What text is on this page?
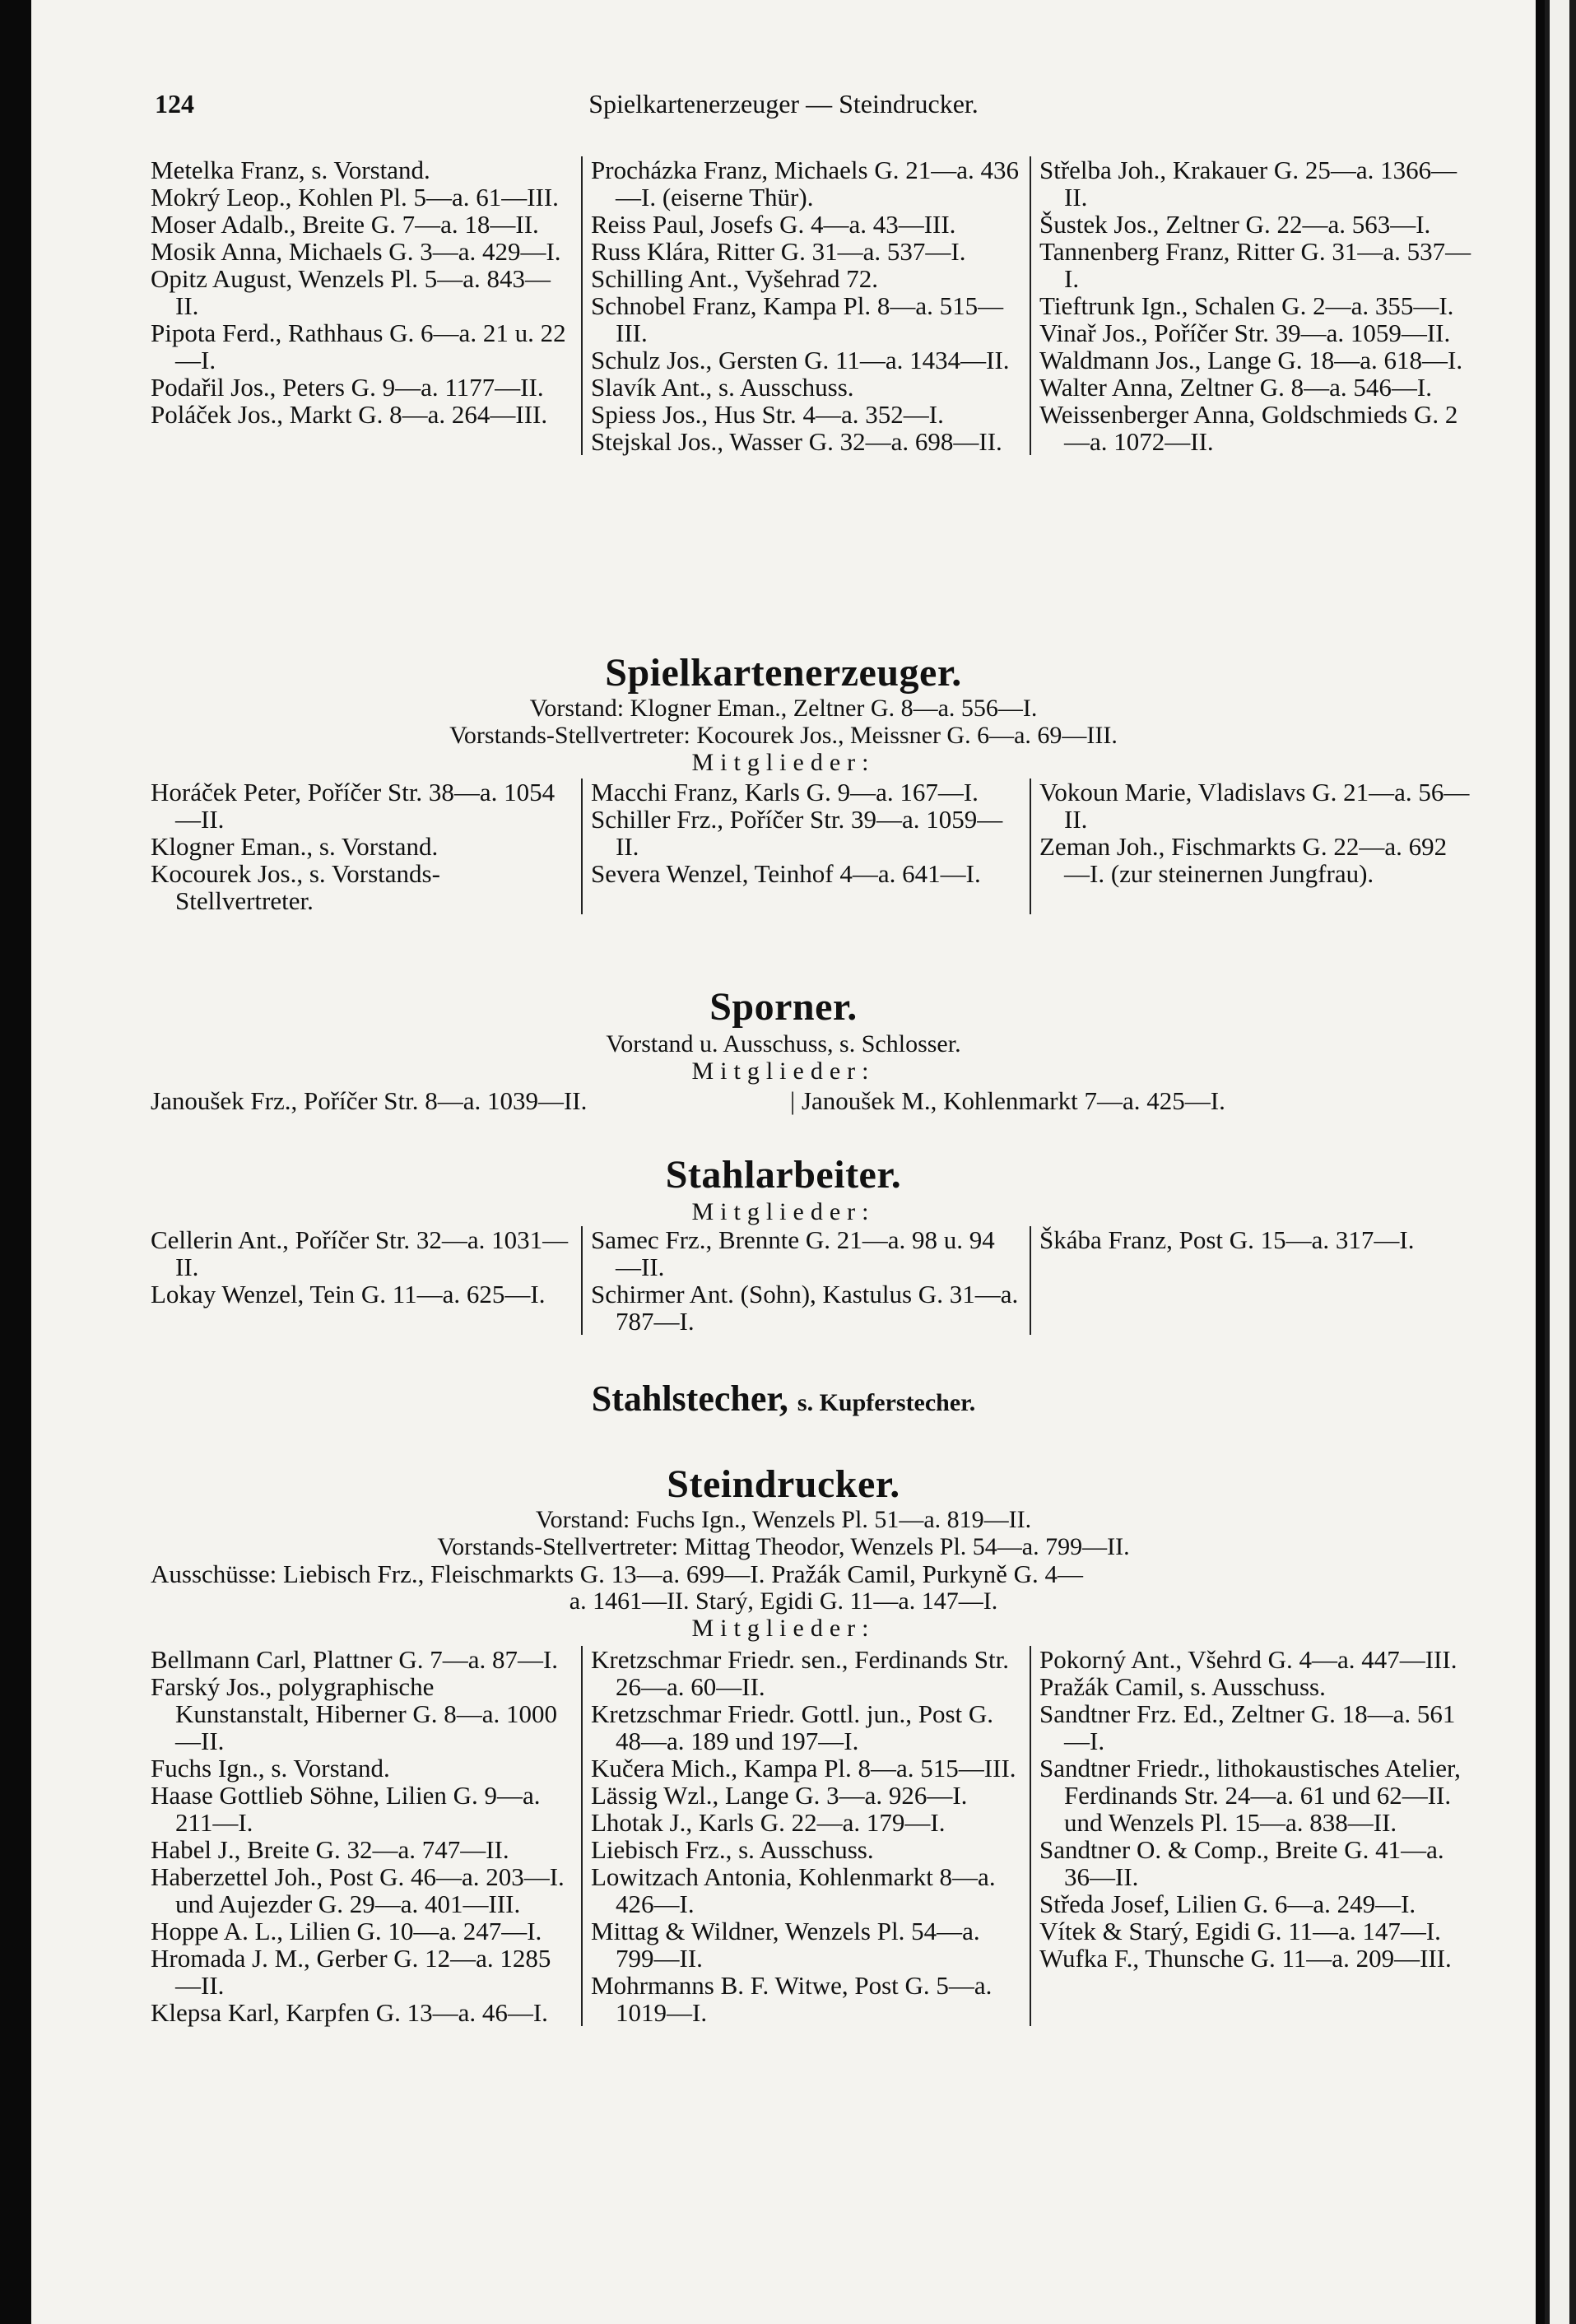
124	Spielkartenerzeuger — Steindrucker.

Metelka Franz, s. Vorstand.

Mokrý Leop., Kohlen Pl. 5—a. 61—III.

Moser Adalb., Breite G. 7—a. 18—II.

Mosik Anna, Michaels G. 3—a. 429—I.

Opitz August, Wenzels Pl. 5—a. 843—II.

Pipota Ferd., Rathhaus G. 6—a. 21 u. 22—I.

Podařil Jos., Peters G. 9—a. 1177—II.

Poláček Jos., Markt G. 8—a. 264—III.

Procházka Franz, Michaels G. 21—a. 436—I. (eiserne Thür).

Reiss Paul, Josefs G. 4—a. 43—III.

Russ Klára, Ritter G. 31—a. 537—I.

Schilling Ant., Vyšehrad 72.

Schnobel Franz, Kampa Pl. 8—a. 515—III.

Schulz Jos., Gersten G. 11—a. 1434—II.

Slavík Ant., s. Ausschuss.

Spiess Jos., Hus Str. 4—a. 352—I.

Stejskal Jos., Wasser G. 32—a. 698—II.

Střelba Joh., Krakauer G. 25—a. 1366—II.

Šustek Jos., Zeltner G. 22—a. 563—I.

Tannenberg Franz, Ritter G. 31—a. 537—I.

Tieftrunk Ign., Schalen G. 2—a. 355—I.

Vinař Jos., Poříčer Str. 39—a. 1059—II.

Waldmann Jos., Lange G. 18—a. 618—I.

Walter Anna, Zeltner G. 8—a. 546—I.

Weissenberger Anna, Goldschmieds G. 2—a. 1072—II.

Spielkartenerzeuger.
Vorstand: Klogner Eman., Zeltner G. 8—a. 556—I.
Vorstands-Stellvertreter: Kocourek Jos., Meissner G. 6—a. 69—III.
Mitglieder:

Horáček Peter, Poříčer Str. 38—a. 1054—II.

Klogner Eman., s. Vorstand.

Kocourek Jos., s. Vorstands-Stellvertreter.

Macchi Franz, Karls G. 9—a. 167—I.

Schiller Frz., Poříčer Str. 39—a. 1059—II.

Severa Wenzel, Teinhof 4—a. 641—I.

Vokoun Marie, Vladislavs G. 21—a. 56—II.

Zeman Joh., Fischmarkts G. 22—a. 692—I. (zur steinernen Jungfrau).

Sporner.
Vorstand u. Ausschuss, s. Schlosser.
Mitglieder:
Janoušek Frz., Poříčer Str. 8—a. 1039—II.	| Janoušek M., Kohlenmarkt 7—a. 425—I.
Stahlarbeiter.
Mitglieder:

Cellerin Ant., Poříčer Str. 32—a. 1031—II.

Lokay Wenzel, Tein G. 11—a. 625—I.

Samec Frz., Brennte G. 21—a. 98 u. 94—II.

Schirmer Ant. (Sohn), Kastulus G. 31—a. 787—I.

Škába Franz, Post G. 15—a. 317—I.

Stahlstecher, s. Kupferstecher.
Steindrucker.
Vorstand: Fuchs Ign., Wenzels Pl. 51—a. 819—II.
Vorstands-Stellvertreter: Mittag Theodor, Wenzels Pl. 54—a. 799—II.
Ausschüsse: Liebisch Frz., Fleischmarkts G. 13—a. 699—I. Pražák Camil, Purkyně G. 4—
a. 1461—II. Starý, Egidi G. 11—a. 147—I.
Mitglieder:

Bellmann Carl, Plattner G. 7—a. 87—I.

Farský Jos., polygraphische Kunstanstalt, Hiberner G. 8—a. 1000—II.

Fuchs Ign., s. Vorstand.

Haase Gottlieb Söhne, Lilien G. 9—a. 211—I.

Habel J., Breite G. 32—a. 747—II.

Haberzettel Joh., Post G. 46—a. 203—I. und Aujezder G. 29—a. 401—III.

Hoppe A. L., Lilien G. 10—a. 247—I.

Hromada J. M., Gerber G. 12—a. 1285—II.

Klepsa Karl, Karpfen G. 13—a. 46—I.

Kretzschmar Friedr. sen., Ferdinands Str. 26—a. 60—II.

Kretzschmar Friedr. Gottl. jun., Post G. 48—a. 189 und 197—I.

Kučera Mich., Kampa Pl. 8—a. 515—III.

Lässig Wzl., Lange G. 3—a. 926—I.

Lhotak J., Karls G. 22—a. 179—I.

Liebisch Frz., s. Ausschuss.

Lowitzach Antonia, Kohlenmarkt 8—a. 426—I.

Mittag & Wildner, Wenzels Pl. 54—a. 799—II.

Mohrmanns B. F. Witwe, Post G. 5—a. 1019—I.

Pokorný Ant., Všehrd G. 4—a. 447—III.

Pražák Camil, s. Ausschuss.

Sandtner Frz. Ed., Zeltner G. 18—a. 561—I.

Sandtner Friedr., lithokaustisches Atelier, Ferdinands Str. 24—a. 61 und 62—II. und Wenzels Pl. 15—a. 838—II.

Sandtner O. & Comp., Breite G. 41—a. 36—II.

Středa Josef, Lilien G. 6—a. 249—I.

Vítek & Starý, Egidi G. 11—a. 147—I.

Wufka F., Thunsche G. 11—a. 209—III.
